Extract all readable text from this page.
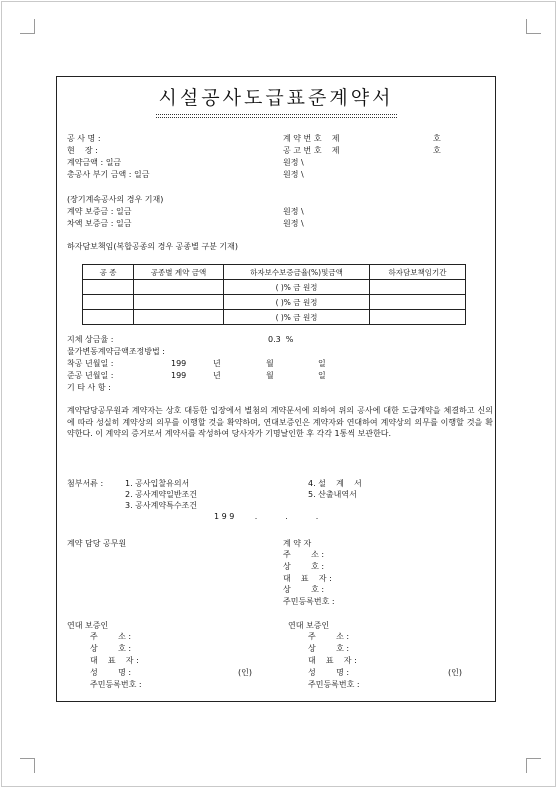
시설공사도급표준계약서
공 사 명 :	계 약 번 호    제	호
현    장 :	공 고 번 호    제	호
계약금액 : 일금	원정 \
총공사 부기 금액 : 일금	원정 \
(장기계속공사의 경우 기재)
계약 보증금 : 일금	원정 \
차액 보증금 : 일금	원정 \
하자담보책임(복합공종의 경우 공종별 구분 기재)
공 종	공종별 계약 금액	하자보수보증금율(%)및금액	하자담보책임기간
		( )% 금 원정	
		( )% 금 원정	
		( )% 금 원정	
지체 상금율 :	0.3  %
물가변동계약금액조정방법 :
착공 년월일 :	199	년	월	일
준공 년월일 :	199	년	월	일
기 타 사 항 :
계약담당공무원과 계약자는 상호 대등한 입장에서 별첨의 계약문서에 의하여 위의 공사에 대한 도급계약을 체결하고 신의에 따라 성실히 계약상의 의무를 이행할 것을 확약하며, 연대보증인은 계약자와 연대하여 계약상의 의무를 이행할 것을 확약한다. 이 계약의 증거로서 계약서를 작성하여 당사자가 기명날인한 후 각각 1통씩 보관한다.
첨부서류 :	1. 공사입찰유의서	4. 설    계    서
2. 공사계약일반조건	5. 산출내역서
3. 공사계약특수조건
1 9 9        .           .           .
계약 담당 공무원	계 약 자
주        소 :
상        호 :
대    표    자 :
상        호 :
주민등록번호 :
연대 보증인
주        소 :
상        호 :
대    표    자 :
성        명 :	(인)
주민등록번호 :
연대 보증인
주        소 :
상        호 :
대    표    자 :
성        명 :	(인)
주민등록번호 :
